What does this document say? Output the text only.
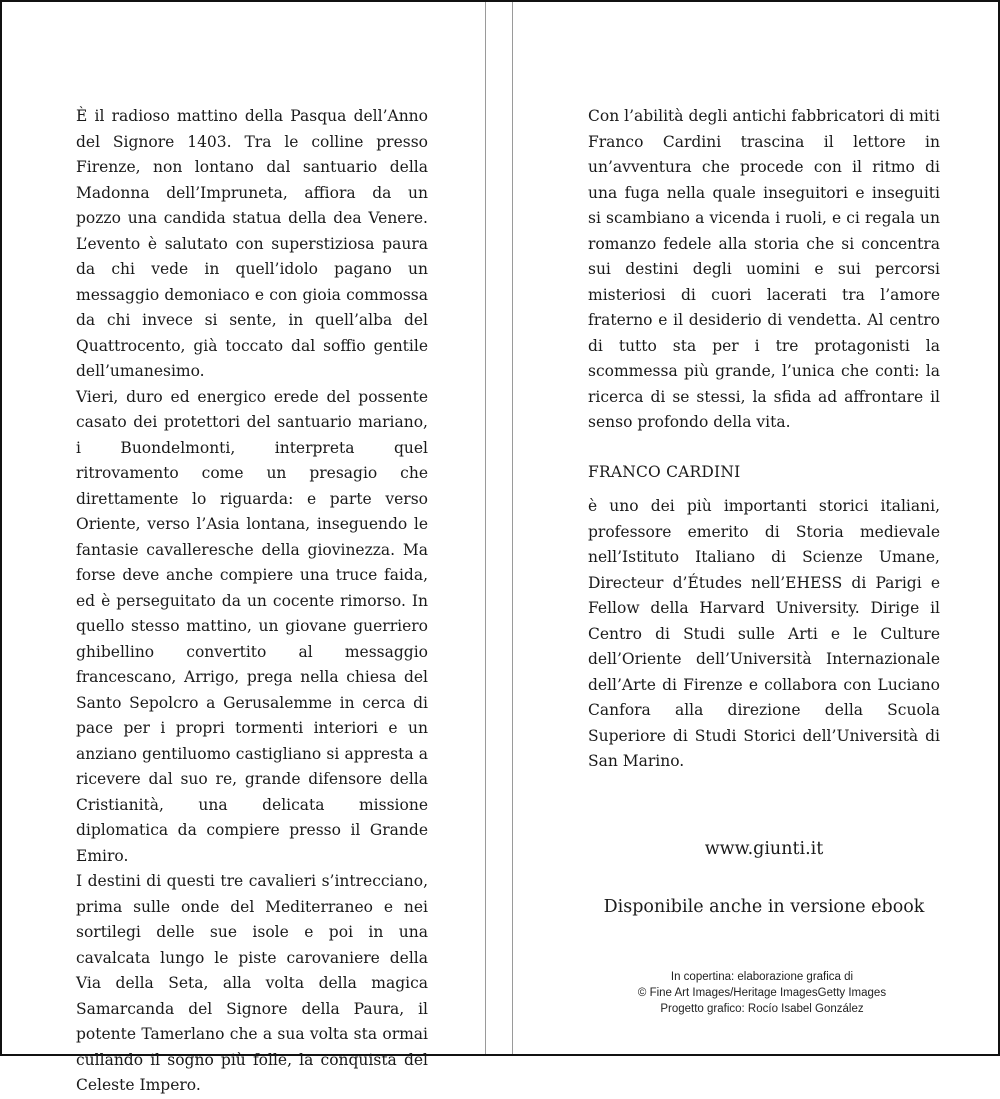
È il radioso mattino della Pasqua dell’Anno del Signore 1403. Tra le colline presso Firenze, non lontano dal santuario della Madonna dell’Impruneta, affiora da un pozzo una candida statua della dea Venere. L’evento è salutato con superstiziosa paura da chi vede in quell’idolo pagano un messaggio demoniaco e con gioia commossa da chi invece si sente, in quell’alba del Quattrocento, già toccato dal soffio gentile dell’umanesimo.

Vieri, duro ed energico erede del possente casato dei protettori del santuario mariano, i Buondelmonti, interpreta quel ritrovamento come un presagio che direttamente lo riguarda: e parte verso Oriente, verso l’Asia lontana, inseguendo le fantasie cavalleresche della giovinezza. Ma forse deve anche compiere una truce faida, ed è perseguitato da un cocente rimorso. In quello stesso mattino, un giovane guerriero ghibellino convertito al messaggio francescano, Arrigo, prega nella chiesa del Santo Sepolcro a Gerusalemme in cerca di pace per i propri tormenti interiori e un anziano gentiluomo castigliano si appresta a ricevere dal suo re, grande difensore della Cristianità, una delicata missione diplomatica da compiere presso il Grande Emiro.

I destini di questi tre cavalieri s’intrecciano, prima sulle onde del Mediterraneo e nei sortilegi delle sue isole e poi in una cavalcata lungo le piste carovaniere della Via della Seta, alla volta della magica Samarcanda del Signore della Paura, il potente Tamerlano che a sua volta sta ormai cullando il sogno più folle, la conquista del Celeste Impero.

Con l’abilità degli antichi fabbricatori di miti Franco Cardini trascina il lettore in un’avventura che procede con il ritmo di una fuga nella quale inseguitori e inseguiti si scambiano a vicenda i ruoli, e ci regala un romanzo fedele alla storia che si concentra sui destini degli uomini e sui percorsi misteriosi di cuori lacerati tra l’amore fraterno e il desiderio di vendetta. Al centro di tutto sta per i tre protagonisti la scommessa più grande, l’unica che conti: la ricerca di se stessi, la sfida ad affrontare il senso profondo della vita.

FRANCO CARDINI
è uno dei più importanti storici italiani, professore emerito di Storia medievale nell’Istituto Italiano di Scienze Umane, Directeur d’Études nell’EHESS di Parigi e Fellow della Harvard University. Dirige il Centro di Studi sulle Arti e le Culture dell’Oriente dell’Università Internazionale dell’Arte di Firenze e collabora con Luciano Canfora alla direzione della Scuola Superiore di Studi Storici dell’Università di San Marino.
www.giunti.it
Disponibile anche in versione ebook
In copertina: elaborazione grafica di
© Fine Art Images/Heritage ImagesGetty Images
Progetto grafico: Rocío Isabel González
